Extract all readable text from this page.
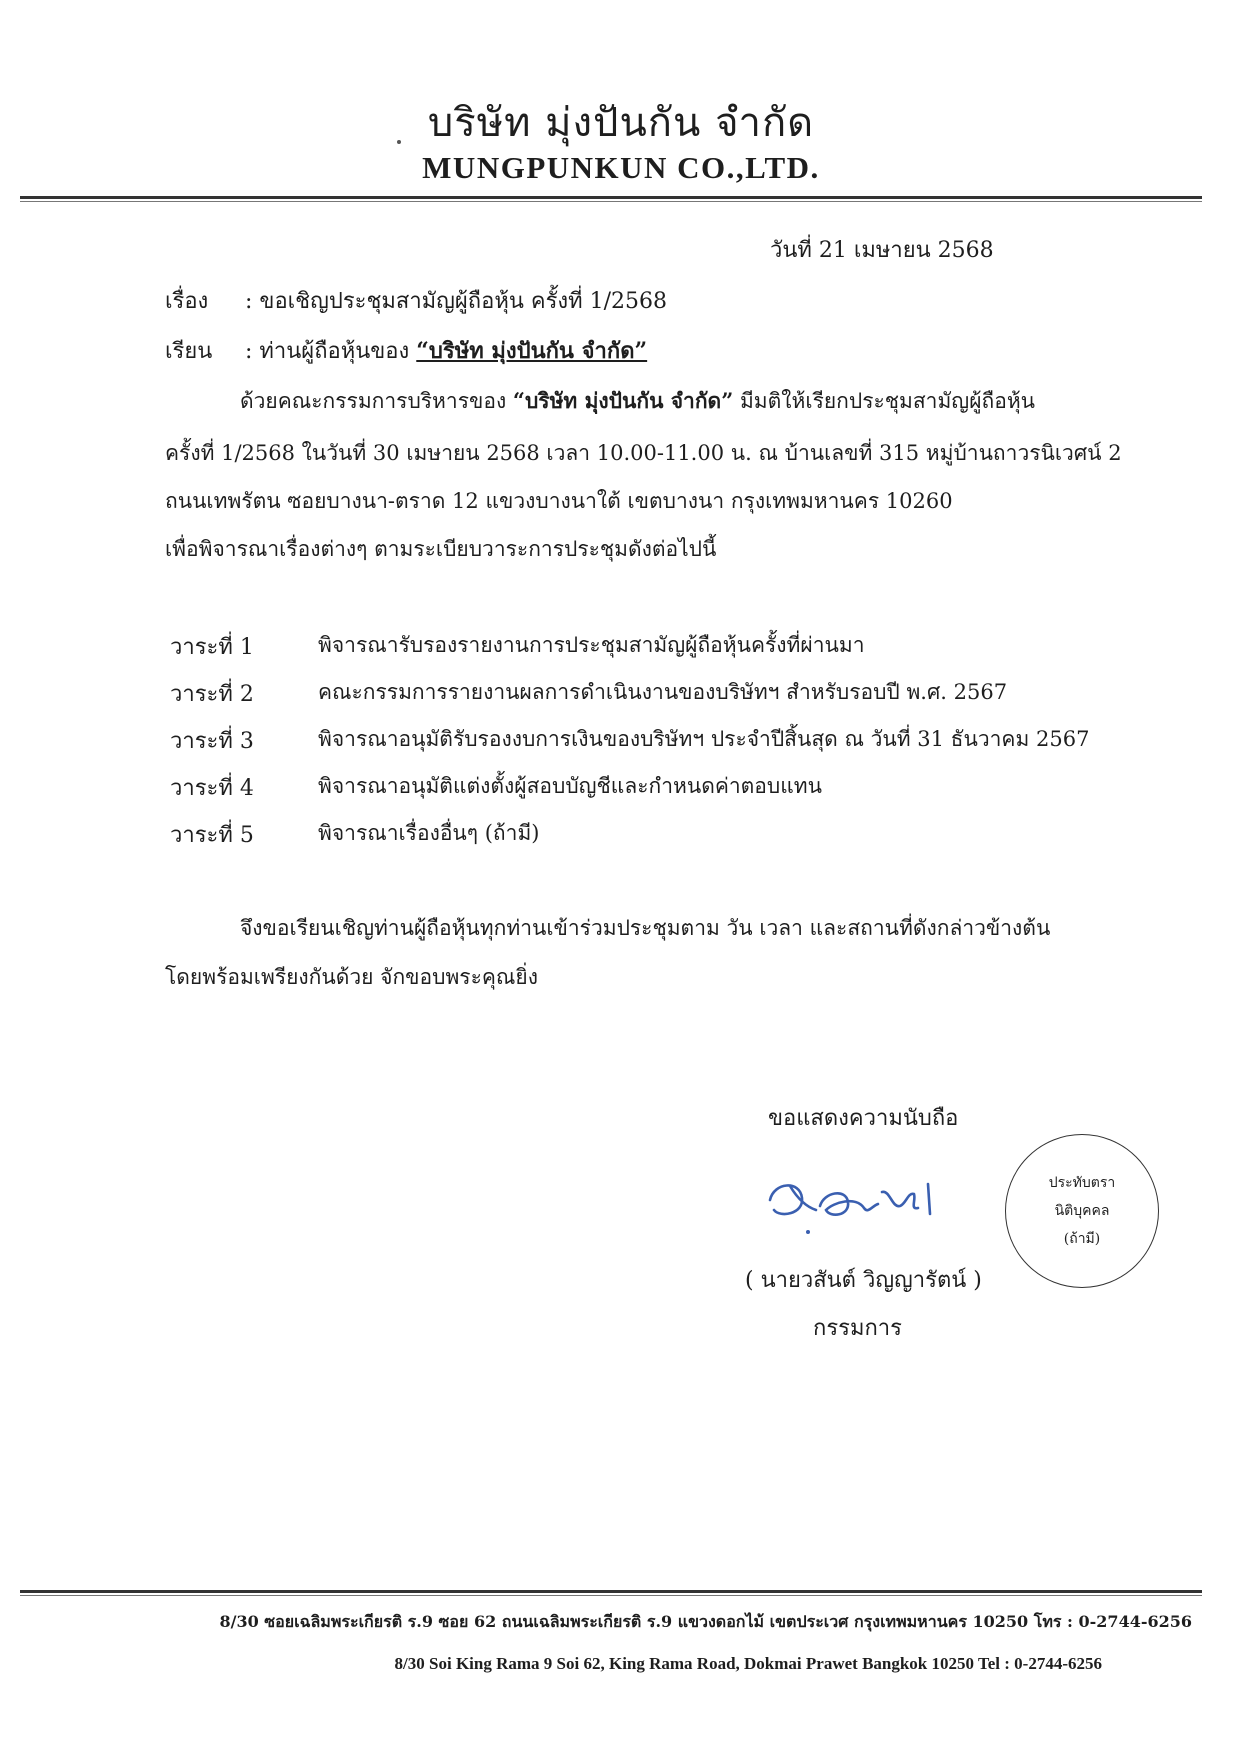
บริษัท มุ่งปันกัน จำกัด
MUNGPUNKUN CO.,LTD.
วันที่ 21 เมษายน 2568
เรื่อง : ขอเชิญประชุมสามัญผู้ถือหุ้น ครั้งที่ 1/2568
เรียน : ท่านผู้ถือหุ้นของ “บริษัท มุ่งปันกัน จำกัด”
ด้วยคณะกรรมการบริหารของ “บริษัท มุ่งปันกัน จำกัด” มีมติให้เรียกประชุมสามัญผู้ถือหุ้น
ครั้งที่ 1/2568 ในวันที่ 30 เมษายน 2568 เวลา 10.00-11.00 น. ณ บ้านเลขที่ 315 หมู่บ้านถาวรนิเวศน์ 2
ถนนเทพรัตน ซอยบางนา-ตราด 12 แขวงบางนาใต้ เขตบางนา กรุงเทพมหานคร 10260
เพื่อพิจารณาเรื่องต่างๆ ตามระเบียบวาระการประชุมดังต่อไปนี้
วาระที่ 1	พิจารณารับรองรายงานการประชุมสามัญผู้ถือหุ้นครั้งที่ผ่านมา
วาระที่ 2	คณะกรรมการรายงานผลการดำเนินงานของบริษัทฯ สำหรับรอบปี พ.ศ. 2567
วาระที่ 3	พิจารณาอนุมัติรับรองงบการเงินของบริษัทฯ ประจำปีสิ้นสุด ณ วันที่ 31 ธันวาคม 2567
วาระที่ 4	พิจารณาอนุมัติแต่งตั้งผู้สอบบัญชีและกำหนดค่าตอบแทน
วาระที่ 5	พิจารณาเรื่องอื่นๆ (ถ้ามี)
จึงขอเรียนเชิญท่านผู้ถือหุ้นทุกท่านเข้าร่วมประชุมตาม วัน เวลา และสถานที่ดังกล่าวข้างต้น
โดยพร้อมเพรียงกันด้วย จักขอบพระคุณยิ่ง
ขอแสดงความนับถือ
( นายวสันต์ วิญญารัตน์ )
กรรมการ
ประทับตรา
นิติบุคคล
(ถ้ามี)
8/30 ซอยเฉลิมพระเกียรติ ร.9 ซอย 62 ถนนเฉลิมพระเกียรติ ร.9 แขวงดอกไม้ เขตประเวศ กรุงเทพมหานคร 10250 โทร : 0-2744-6256
8/30 Soi King Rama 9 Soi 62, King Rama Road, Dokmai Prawet Bangkok 10250 Tel : 0-2744-6256
